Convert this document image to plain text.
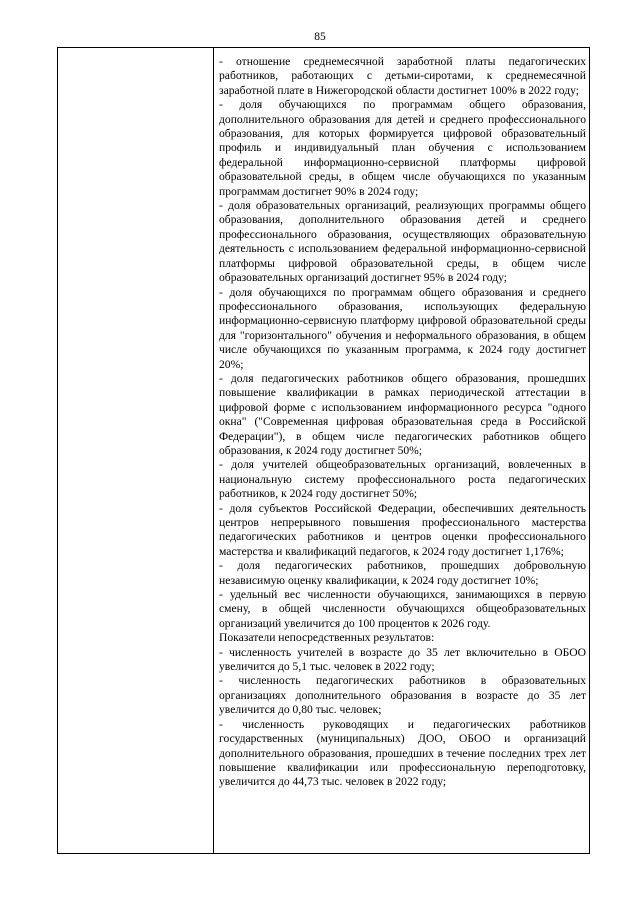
85

- отношение среднемесячной заработной платы педагогических работников, работающих с детьми-сиротами, к среднемесячной заработной плате в Нижегородской области достигнет 100% в 2022 году;

- доля обучающихся по программам общего образования, дополнительного образования для детей и среднего профессионального образования, для которых формируется цифровой образовательный профиль и индивидуальный план обучения с использованием федеральной информационно-сервисной платформы цифровой образовательной среды, в общем числе обучающихся по указанным программам достигнет 90% в 2024 году;

- доля образовательных организаций, реализующих программы общего образования, дополнительного образования детей и среднего профессионального образования, осуществляющих образовательную деятельность с использованием федеральной информационно-сервисной платформы цифровой образовательной среды, в общем числе образовательных организаций достигнет 95% в 2024 году;

- доля обучающихся по программам общего образования и среднего профессионального образования, использующих федеральную информационно-сервисную платформу цифровой образовательной среды для "горизонтального" обучения и неформального образования, в общем числе обучающихся по указанным программа, к 2024 году достигнет 20%;

- доля педагогических работников общего образования, прошедших повышение квалификации в рамках периодической аттестации в цифровой форме с использованием информационного ресурса "одного окна" ("Современная цифровая образовательная среда в Российской Федерации"), в общем числе педагогических работников общего образования, к 2024 году достигнет 50%;

- доля учителей общеобразовательных организаций, вовлеченных в национальную систему профессионального роста педагогических работников, к 2024 году достигнет 50%;

- доля субъектов Российской Федерации, обеспечивших деятельность центров непрерывного повышения профессионального мастерства педагогических работников и центров оценки профессионального мастерства и квалификаций педагогов, к 2024 году достигнет 1,176%;

- доля педагогических работников, прошедших добровольную независимую оценку квалификации, к 2024 году достигнет 10%;

- удельный вес численности обучающихся, занимающихся в первую смену, в общей численности обучающихся общеобразовательных организаций увеличится до 100 процентов к 2026 году.

Показатели непосредственных результатов:

- численность учителей в возрасте до 35 лет включительно в ОБОО увеличится до 5,1 тыс. человек в 2022 году;

- численность педагогических работников в образовательных организациях дополнительного образования в возрасте до 35 лет увеличится до 0,80 тыс. человек;

- численность руководящих и педагогических работников государственных (муниципальных) ДОО, ОБОО и организаций дополнительного образования, прошедших в течение последних трех лет повышение квалификации или профессиональную переподготовку, увеличится до 44,73 тыс. человек в 2022 году;
